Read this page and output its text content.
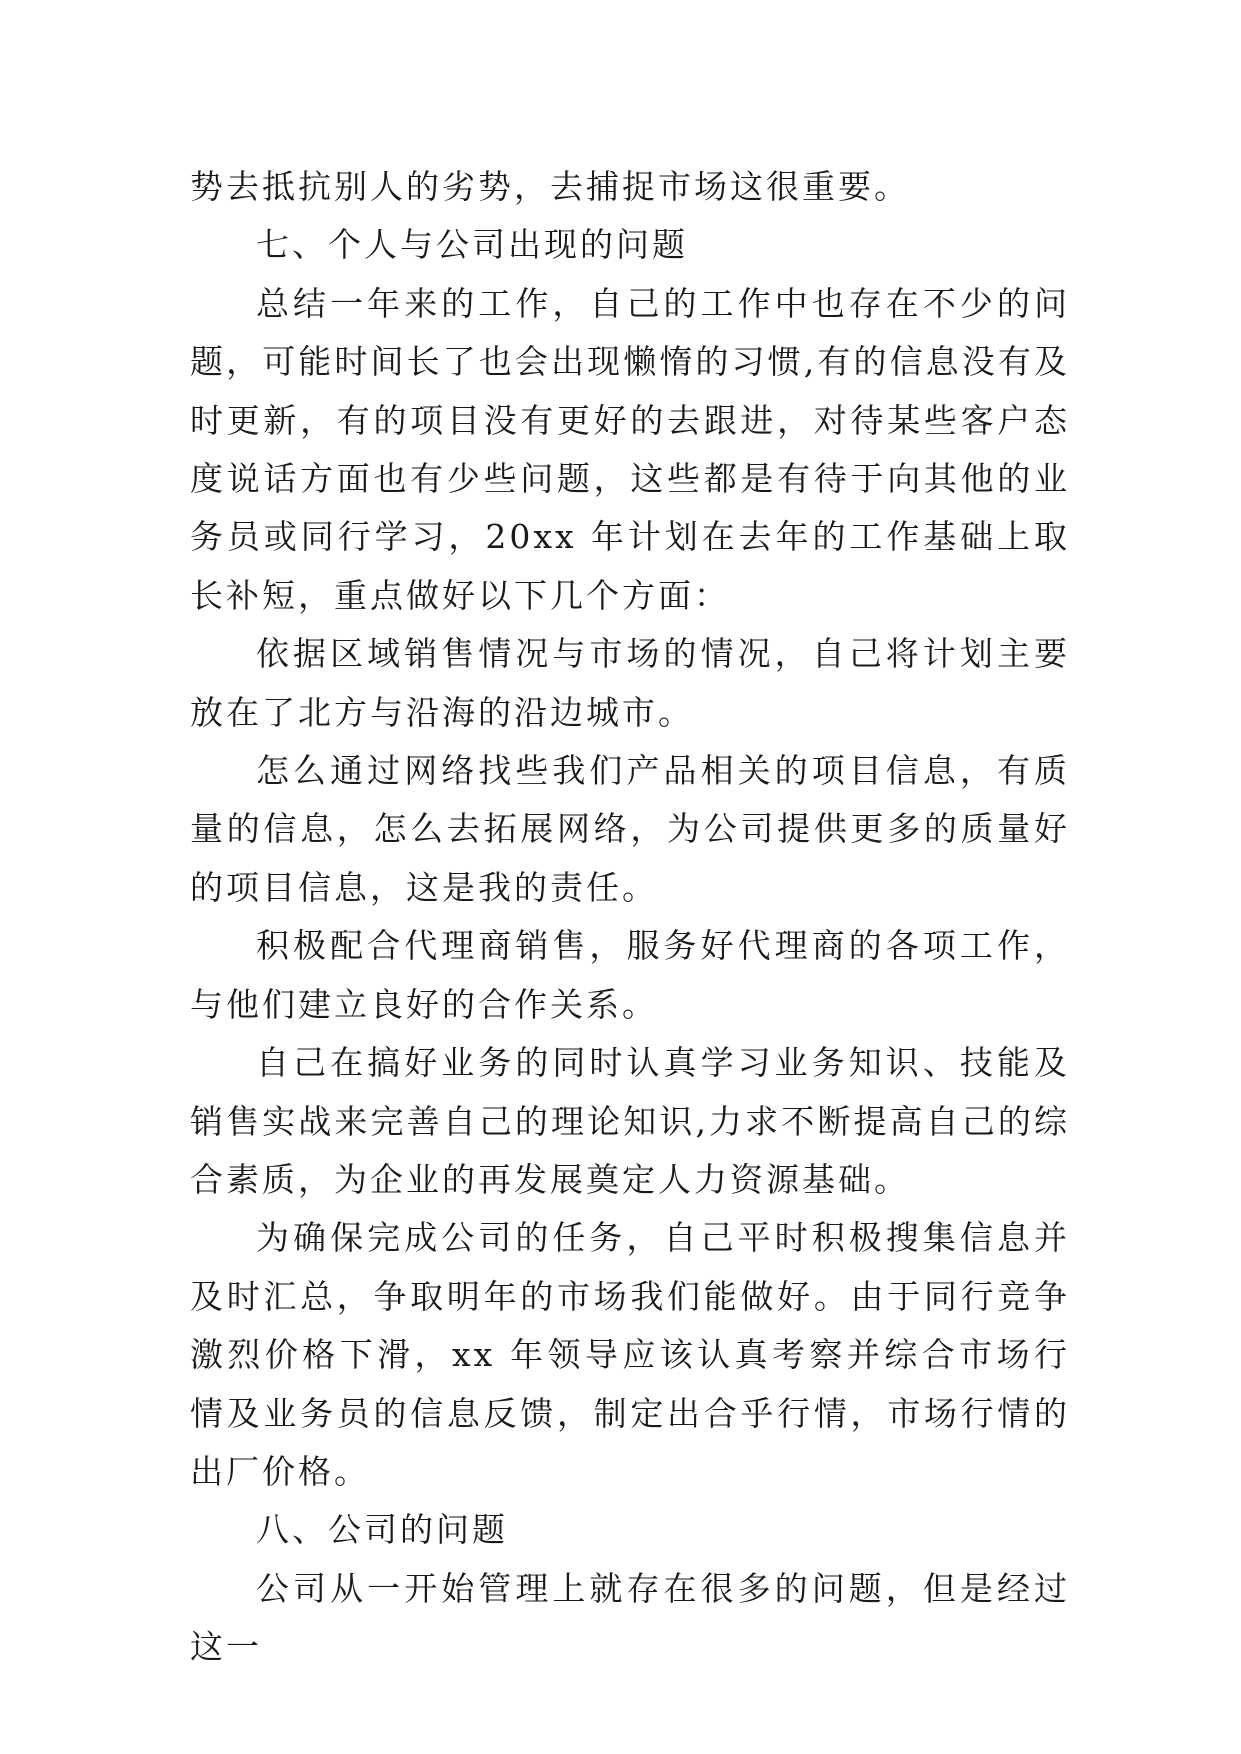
势去抵抗别人的劣势，去捕捉市场这很重要。

七、个人与公司出现的问题

总结一年来的工作，自己的工作中也存在不少的问题，可能时间长了也会出现懒惰的习惯,有的信息没有及时更新，有的项目没有更好的去跟进，对待某些客户态度说话方面也有少些问题，这些都是有待于向其他的业务员或同行学习，20xx 年计划在去年的工作基础上取长补短，重点做好以下几个方面：

依据区域销售情况与市场的情况，自己将计划主要放在了北方与沿海的沿边城市。

怎么通过网络找些我们产品相关的项目信息，有质量的信息，怎么去拓展网络，为公司提供更多的质量好的项目信息，这是我的责任。

积极配合代理商销售，服务好代理商的各项工作，与他们建立良好的合作关系。

自己在搞好业务的同时认真学习业务知识、技能及销售实战来完善自己的理论知识,力求不断提高自己的综合素质，为企业的再发展奠定人力资源基础。

为确保完成公司的任务，自己平时积极搜集信息并及时汇总，争取明年的市场我们能做好。由于同行竞争激烈价格下滑，xx 年领导应该认真考察并综合市场行情及业务员的信息反馈，制定出合乎行情，市场行情的出厂价格。

八、公司的问题

公司从一开始管理上就存在很多的问题，但是经过这一
